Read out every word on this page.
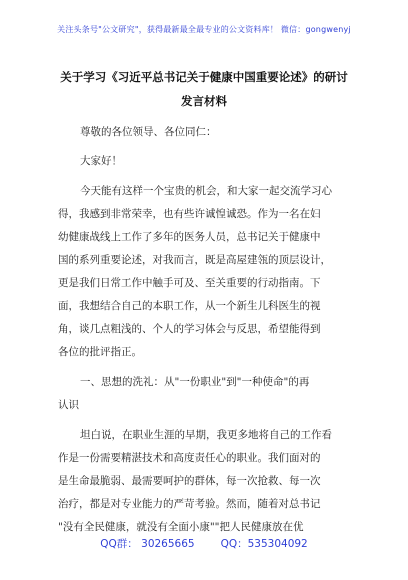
关注头条号"公文研究"，获得最新最全最专业的公文资料库！ 微信：gongwenyj
关于学习《习近平总书记关于健康中国重要论述》的研讨
发言材料
尊敬的各位领导、各位同仁：
大家好！
今天能有这样一个宝贵的机会，和大家一起交流学习心
得，我感到非常荣幸，也有些许诚惶诚恐。作为一名在妇
幼健康战线上工作了多年的医务人员，总书记关于健康中
国的系列重要论述，对我而言，既是高屋建瓴的顶层设计，
更是我们日常工作中触手可及、至关重要的行动指南。下
面，我想结合自己的本职工作，从一个新生儿科医生的视
角，谈几点粗浅的、个人的学习体会与反思，希望能得到
各位的批评指正。
一、思想的洗礼：从"一份职业"到"一种使命"的再
认识
坦白说，在职业生涯的早期，我更多地将自己的工作看
作是一份需要精湛技术和高度责任心的职业。我们面对的
是生命最脆弱、最需要呵护的群体，每一次抢救、每一次
治疗，都是对专业能力的严苛考验。然而，随着对总书记
"没有全民健康，就没有全面小康""把人民健康放在优
QQ群： 30265665 QQ：535304092
